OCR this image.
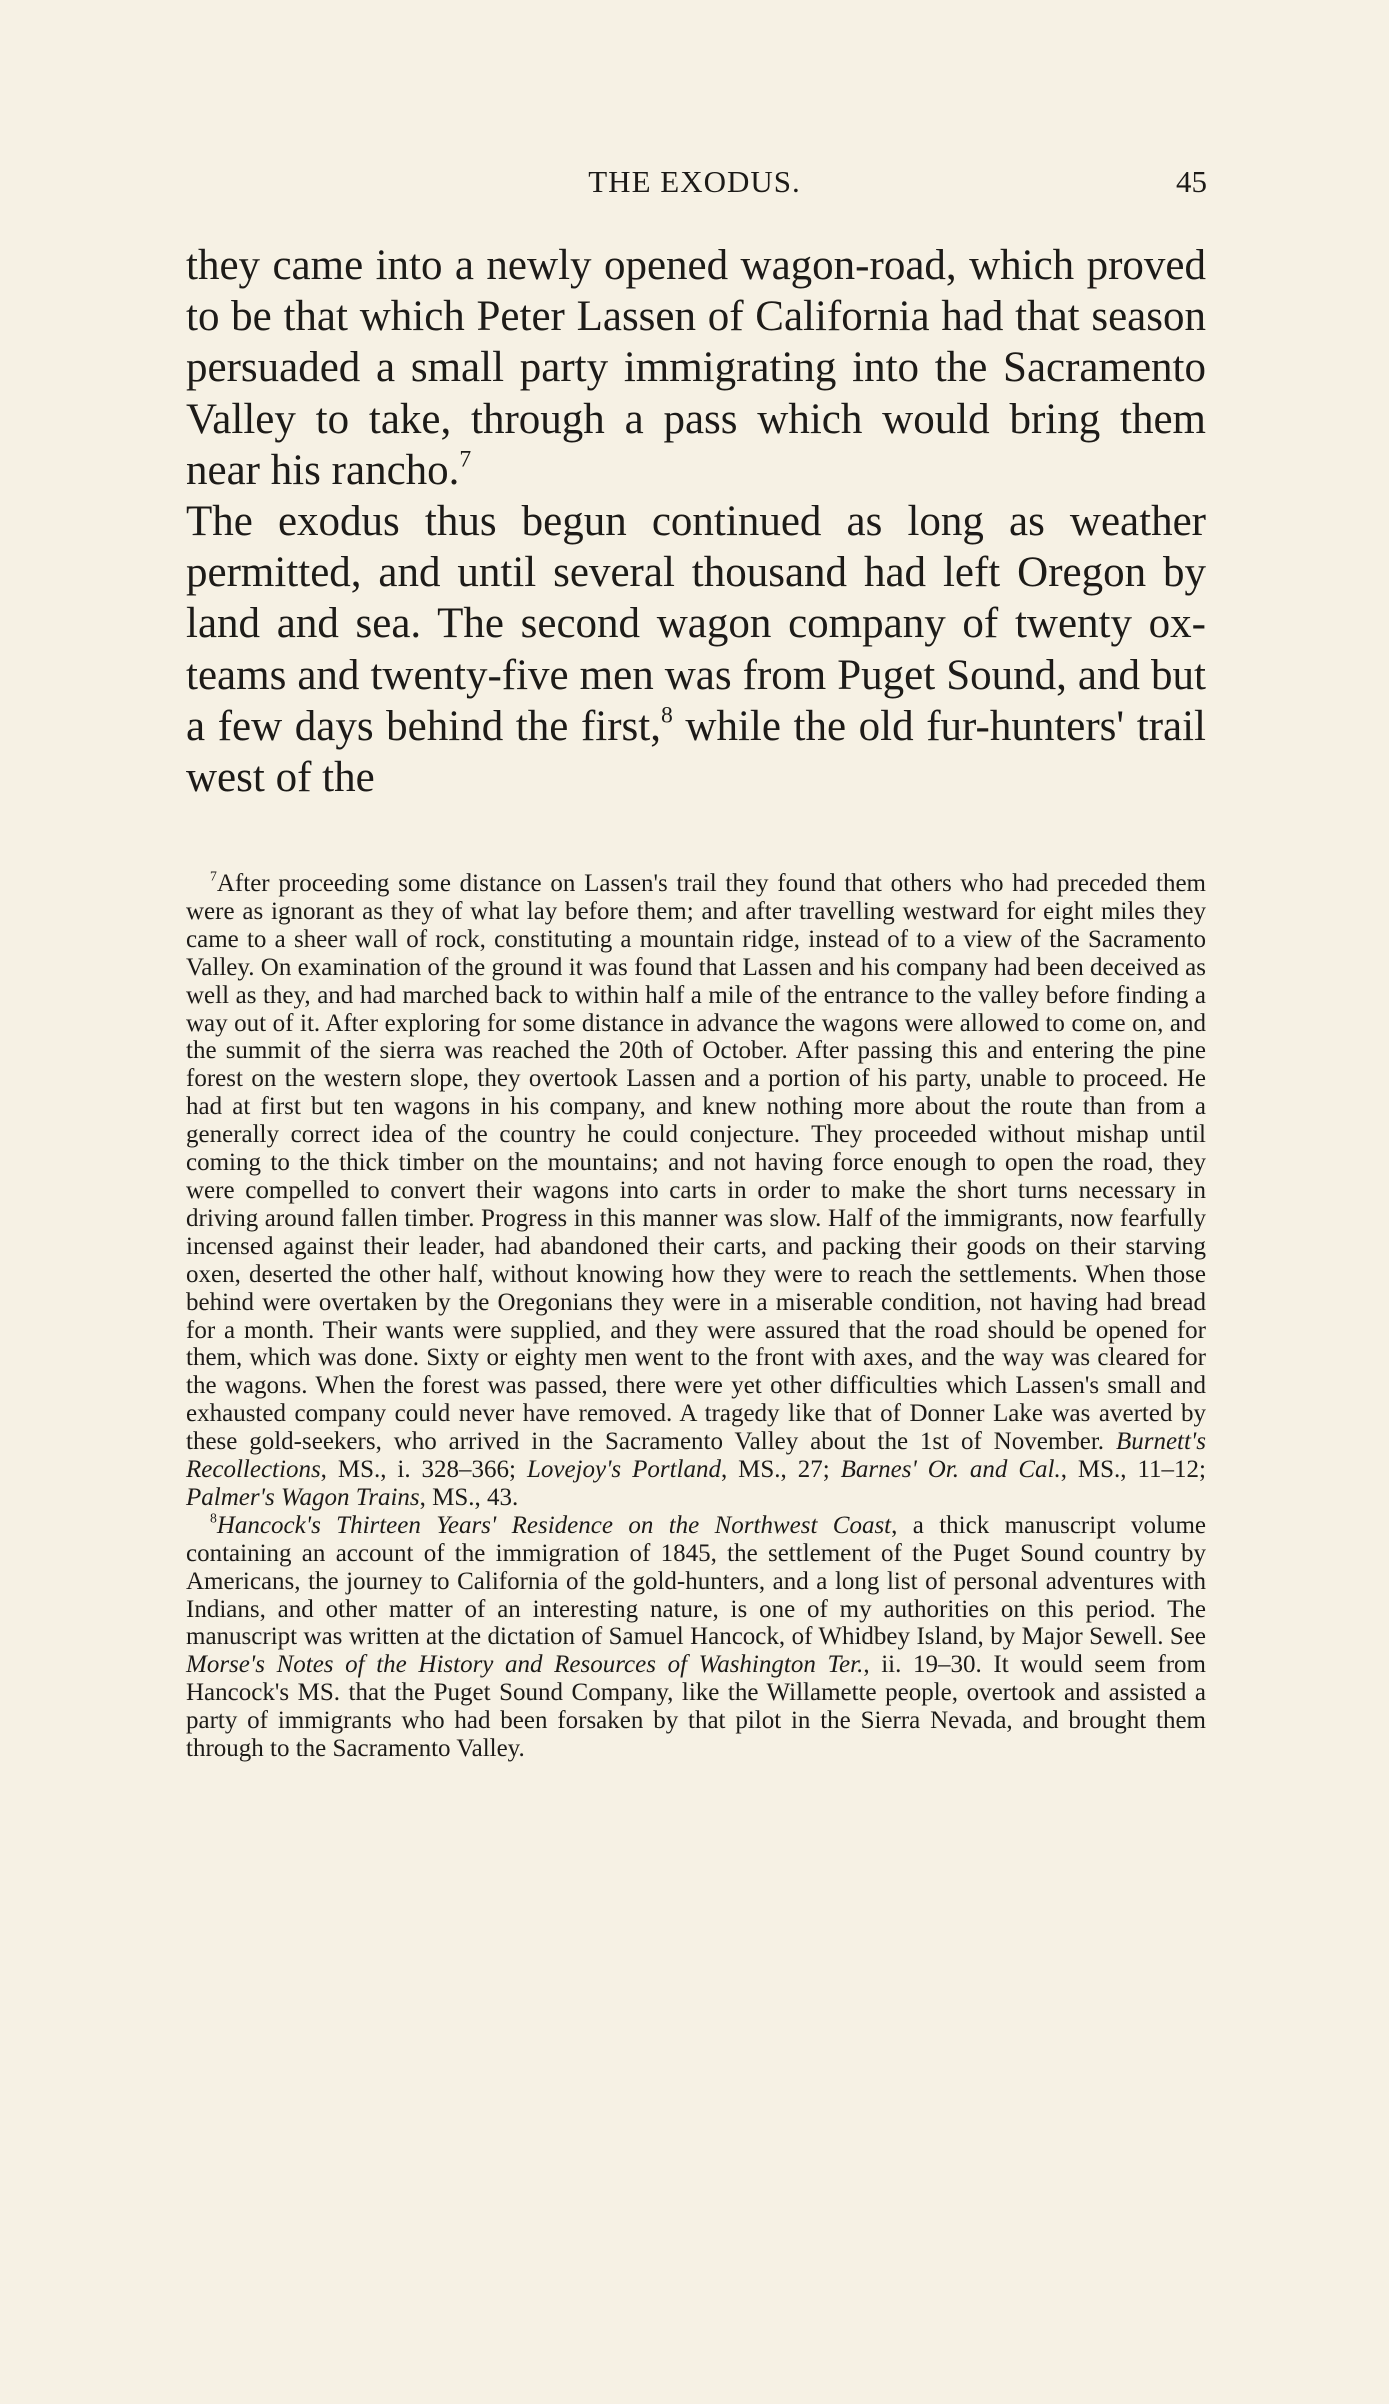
THE EXODUS.	45

they came into a newly opened wagon-road, which proved to be that which Peter Lassen of California had that season persuaded a small party immigrating into the Sacramento Valley to take, through a pass which would bring them near his rancho.$^7$

The exodus thus begun continued as long as weather permitted, and until several thousand had left Oregon by land and sea. The second wagon company of twenty ox-teams and twenty-five men was from Puget Sound, and but a few days behind the first,$^8$ while the old fur-hunters' trail west of the

$^7$After proceeding some distance on Lassen's trail they found that others who had preceded them were as ignorant as they of what lay before them; and after travelling westward for eight miles they came to a sheer wall of rock, constituting a mountain ridge, instead of to a view of the Sacramento Valley. On examination of the ground it was found that Lassen and his company had been deceived as well as they, and had marched back to within half a mile of the entrance to the valley before finding a way out of it. After exploring for some distance in advance the wagons were allowed to come on, and the summit of the sierra was reached the 20th of October. After passing this and entering the pine forest on the western slope, they overtook Lassen and a portion of his party, unable to proceed. He had at first but ten wagons in his company, and knew nothing more about the route than from a generally correct idea of the country he could conjecture. They proceeded without mishap until coming to the thick timber on the mountains; and not having force enough to open the road, they were compelled to convert their wagons into carts in order to make the short turns necessary in driving around fallen timber. Progress in this manner was slow. Half of the immigrants, now fearfully incensed against their leader, had abandoned their carts, and packing their goods on their starving oxen, deserted the other half, without knowing how they were to reach the settlements. When those behind were overtaken by the Oregonians they were in a miserable condition, not having had bread for a month. Their wants were supplied, and they were assured that the road should be opened for them, which was done. Sixty or eighty men went to the front with axes, and the way was cleared for the wagons. When the forest was passed, there were yet other difficulties which Lassen's small and exhausted company could never have removed. A tragedy like that of Donner Lake was averted by these gold-seekers, who arrived in the Sacramento Valley about the 1st of November. Burnett's Recollections, MS., i. 328–366; Lovejoy's Portland, MS., 27; Barnes' Or. and Cal., MS., 11–12; Palmer's Wagon Trains, MS., 43.

$^8$Hancock's Thirteen Years' Residence on the Northwest Coast, a thick manuscript volume containing an account of the immigration of 1845, the settlement of the Puget Sound country by Americans, the journey to California of the gold-hunters, and a long list of personal adventures with Indians, and other matter of an interesting nature, is one of my authorities on this period. The manuscript was written at the dictation of Samuel Hancock, of Whidbey Island, by Major Sewell. See Morse's Notes of the History and Resources of Washington Ter., ii. 19–30. It would seem from Hancock's MS. that the Puget Sound Company, like the Willamette people, overtook and assisted a party of immigrants who had been forsaken by that pilot in the Sierra Nevada, and brought them through to the Sacramento Valley.
